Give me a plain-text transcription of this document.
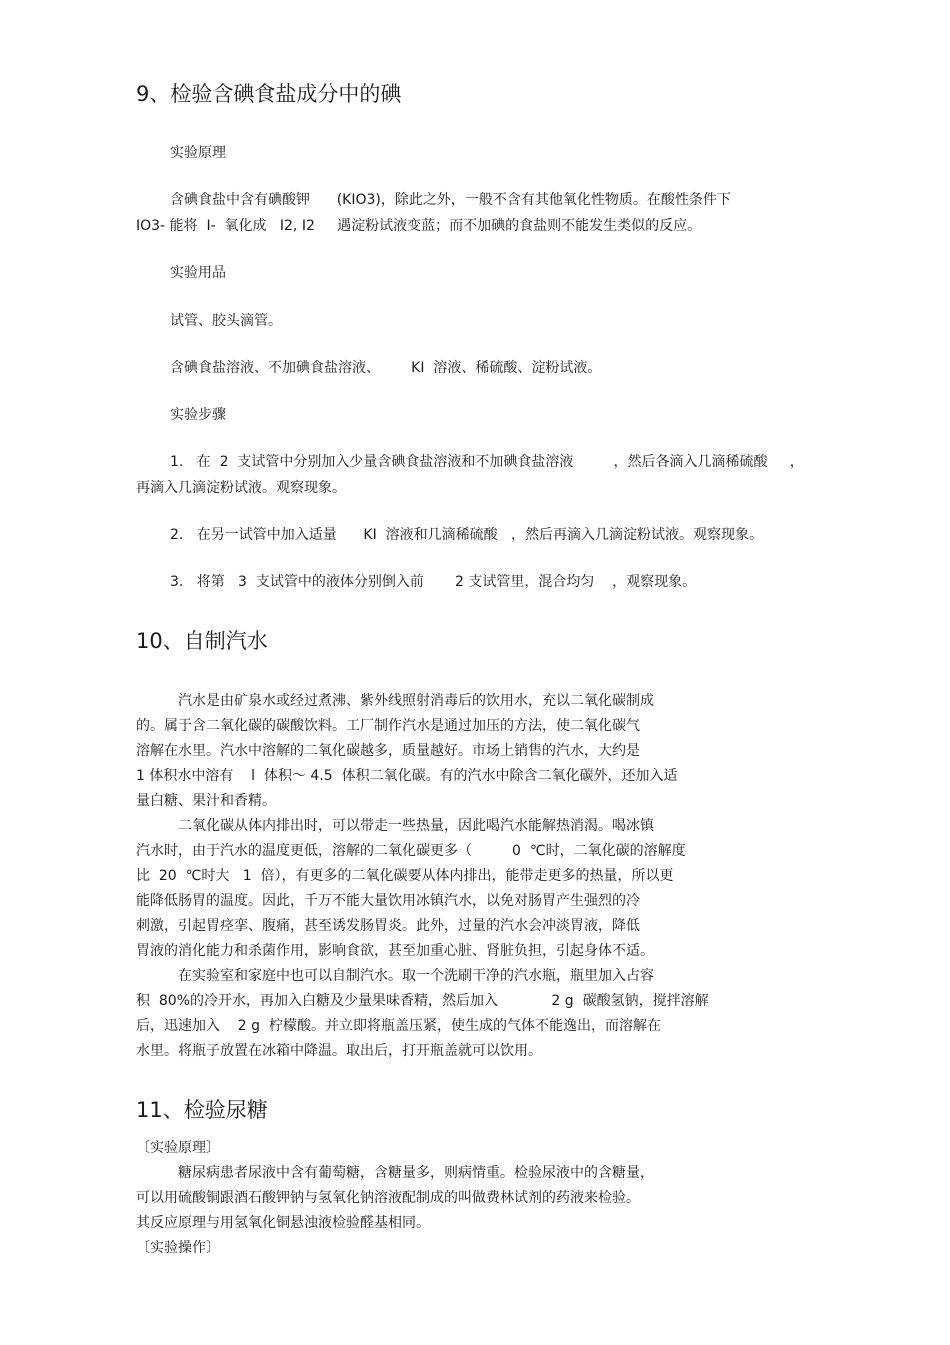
9、检验含碘食盐成分中的碘
实验原理
含碘食盐中含有碘酸钾      (KIO3)，除此之外，一般不含有其他氧化性物质。在酸性条件下
IO3- 能将  I-  氧化成   I2, I2     遇淀粉试液变蓝；而不加碘的食盐则不能发生类似的反应。
实验用品
试管、胶头滴管。
含碘食盐溶液、不加碘食盐溶液、       KI  溶液、稀硫酸、淀粉试液。
实验步骤
1.   在  2  支试管中分别加入少量含碘食盐溶液和不加碘食盐溶液         ，然后各滴入几滴稀硫酸     ，
再滴入几滴淀粉试液。观察现象。
2.   在另一试管中加入适量      KI  溶液和几滴稀硫酸   ，然后再滴入几滴淀粉试液。观察现象。
3.   将第   3  支试管中的液体分别倒入前       2 支试管里，混合均匀    ，观察现象。
10、自制汽水
汽水是由矿泉水或经过煮沸、紫外线照射消毒后的饮用水，充以二氧化碳制成
的。属于含二氧化碳的碳酸饮料。工厂制作汽水是通过加压的方法，使二氧化碳气
溶解在水里。汽水中溶解的二氧化碳越多，质量越好。市场上销售的汽水，大约是
1 体积水中溶有    l  体积～ 4.5  体积二氧化碳。有的汽水中除含二氧化碳外，还加入适
量白糖、果汁和香精。
二氧化碳从体内排出时，可以带走一些热量，因此喝汽水能解热消渴。喝冰镇
汽水时，由于汽水的温度更低，溶解的二氧化碳更多（         0  ℃时，二氧化碳的溶解度
比  20  ℃时大   1  倍），有更多的二氧化碳要从体内排出，能带走更多的热量，所以更
能降低肠胃的温度。因此，千万不能大量饮用冰镇汽水，以免对肠胃产生强烈的冷
刺激，引起胃痉挛、腹痛，甚至诱发肠胃炎。此外，过量的汽水会冲淡胃液，降低
胃液的消化能力和杀菌作用，影响食欲，甚至加重心脏、肾脏负担，引起身体不适。
在实验室和家庭中也可以自制汽水。取一个洗刷干净的汽水瓶，瓶里加入占容
积  80%的冷开水，再加入白糖及少量果味香精，然后加入            2 g  碳酸氢钠，搅拌溶解
后，迅速加入    2 g  柠檬酸。并立即将瓶盖压紧，使生成的气体不能逸出，而溶解在
水里。将瓶子放置在冰箱中降温。取出后，打开瓶盖就可以饮用。
11、检验尿糖
〔实验原理〕
糖尿病患者尿液中含有葡萄糖，含糖量多，则病情重。检验尿液中的含糖量，
可以用硫酸铜跟酒石酸钾钠与氢氧化钠溶液配制成的叫做费林试剂的药液来检验。
其反应原理与用氢氧化铜悬浊液检验醛基相同。
〔实验操作〕
